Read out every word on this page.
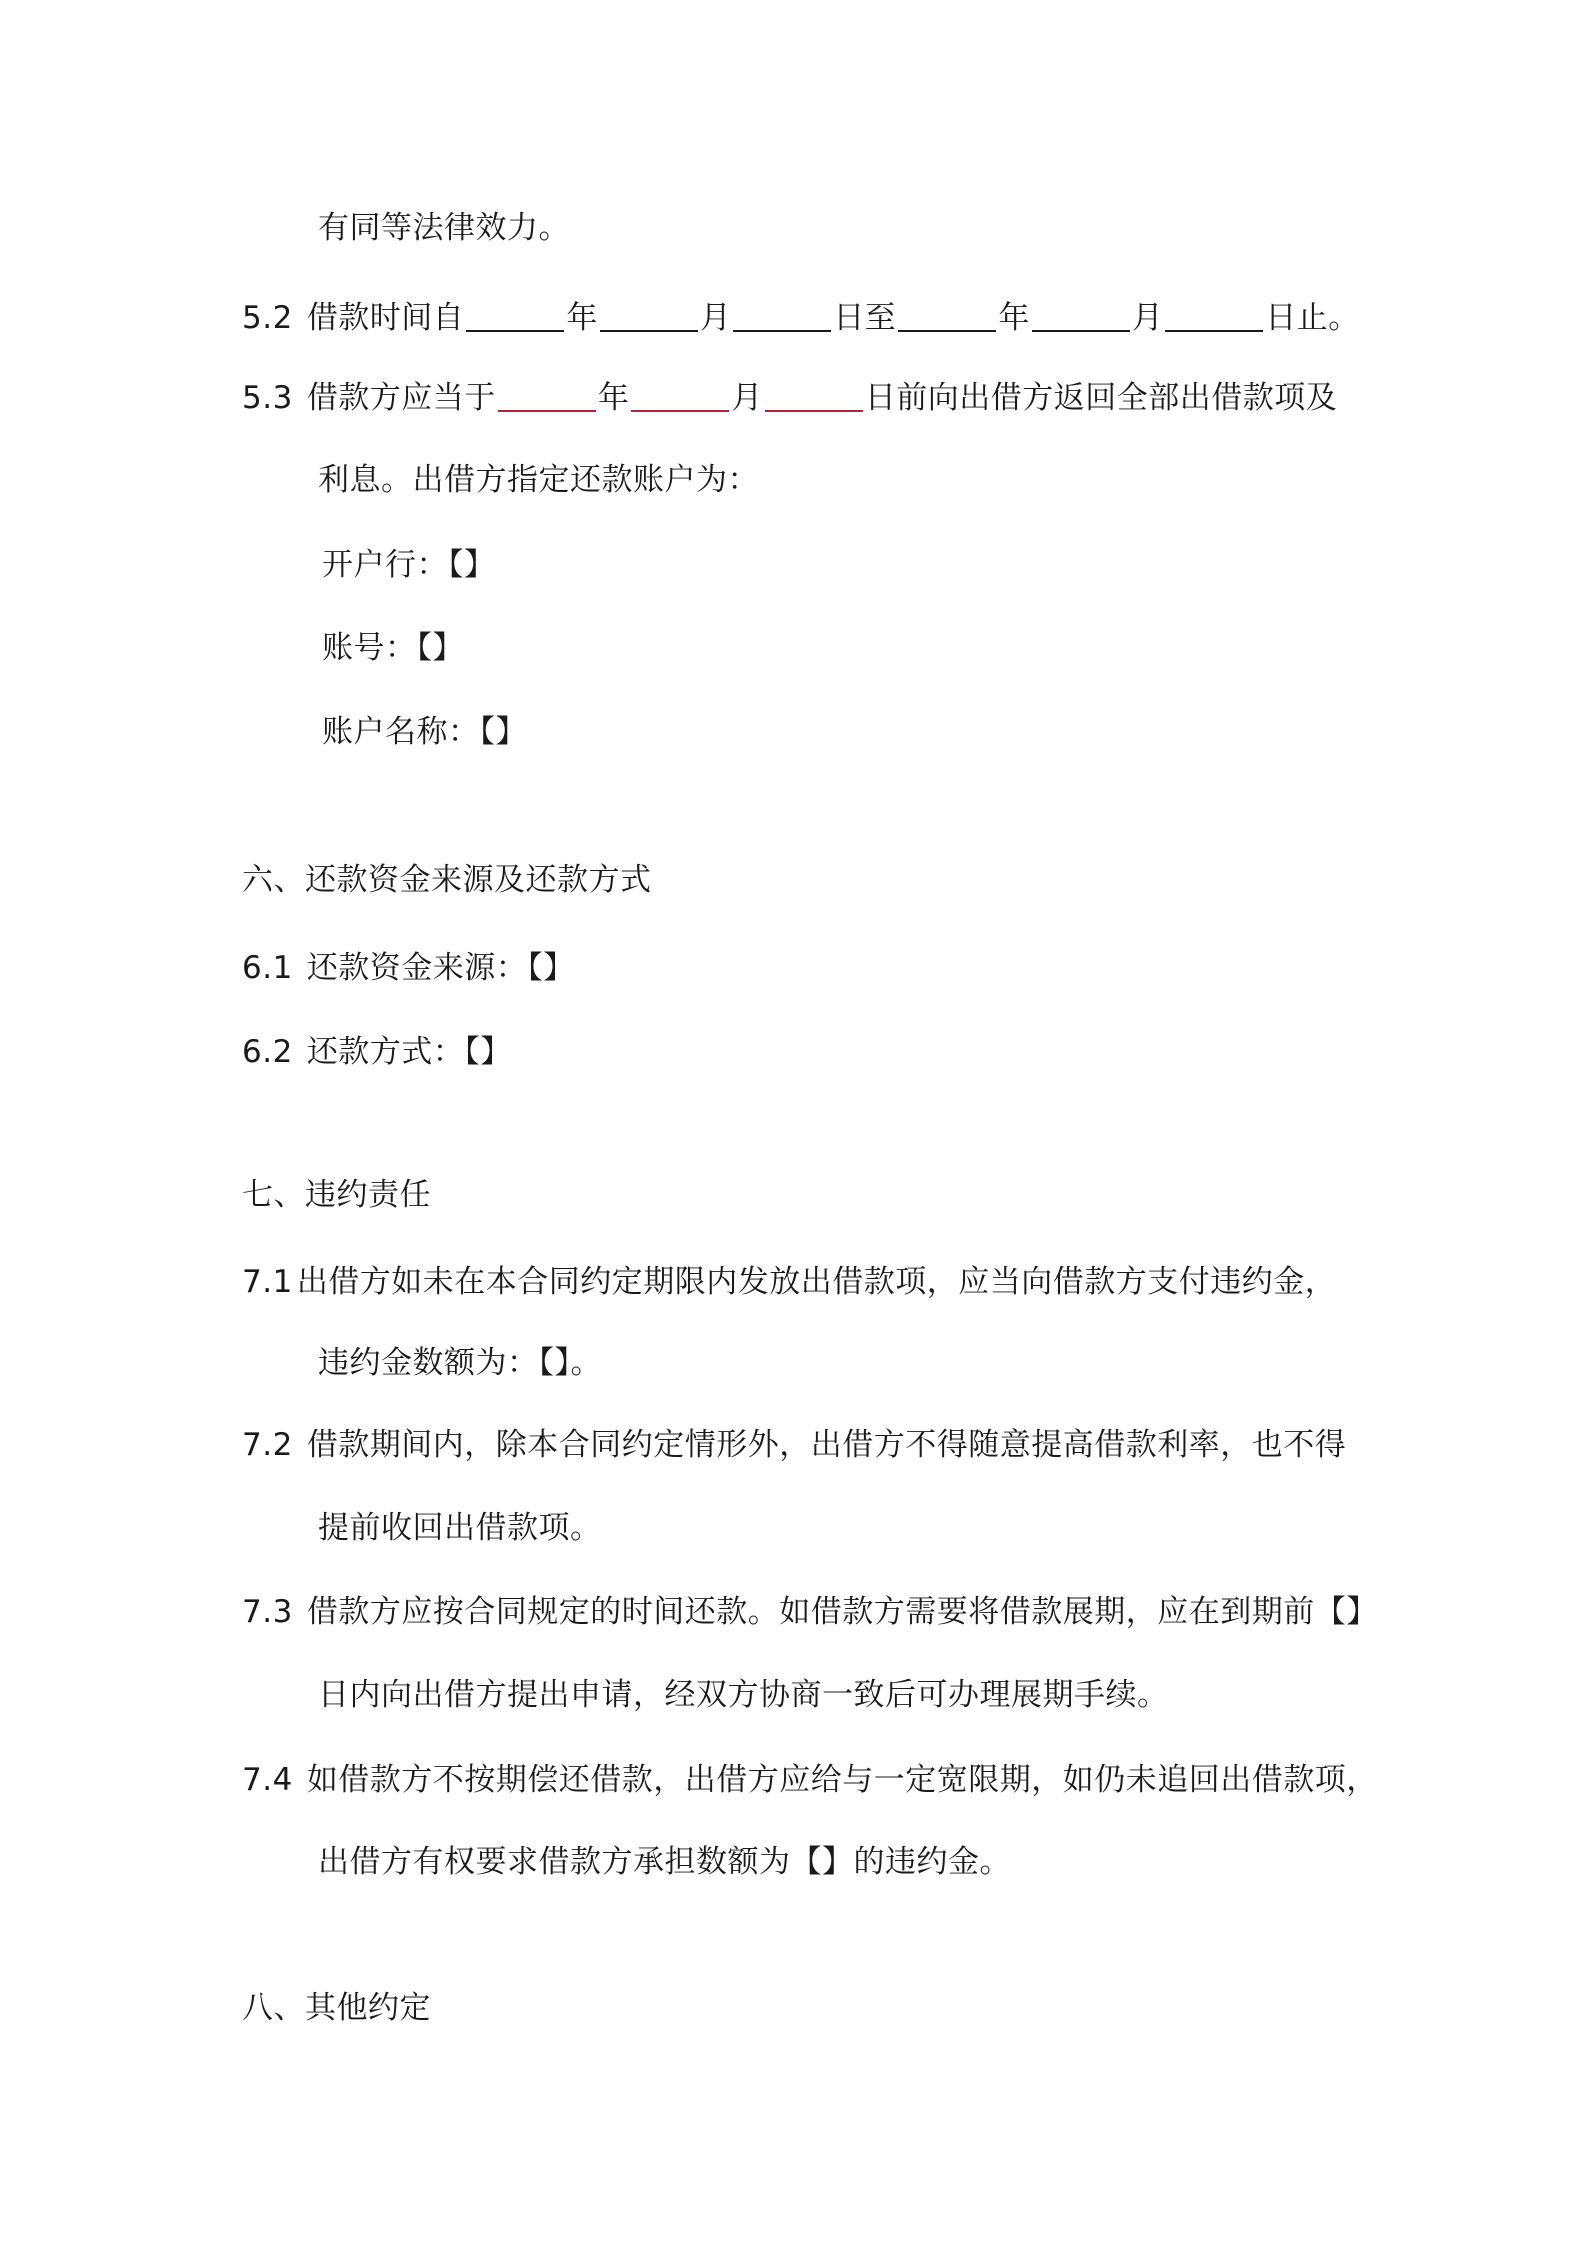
有同等法律效力。
5.2 借款时间自	年	月	日至	年	月	日止。
5.3 借款方应当于	年	月	日前向出借方返回全部出借款项及
利息。出借方指定还款账户为：
开户行：【】
账号：【】
账户名称：【】
六、还款资金来源及还款方式
6.1 还款资金来源：【】
6.2 还款方式：【】
七、违约责任
7.1 出借方如未在本合同约定期限内发放出借款项，应当向借款方支付违约金，
违约金数额为：【】。
7.2 借款期间内，除本合同约定情形外，出借方不得随意提高借款利率，也不得
提前收回出借款项。
7.3 借款方应按合同规定的时间还款。如借款方需要将借款展期，应在到期前【】
日内向出借方提出申请，经双方协商一致后可办理展期手续。
7.4 如借款方不按期偿还借款，出借方应给与一定宽限期，如仍未追回出借款项，
出借方有权要求借款方承担数额为【】的违约金。
八、其他约定
